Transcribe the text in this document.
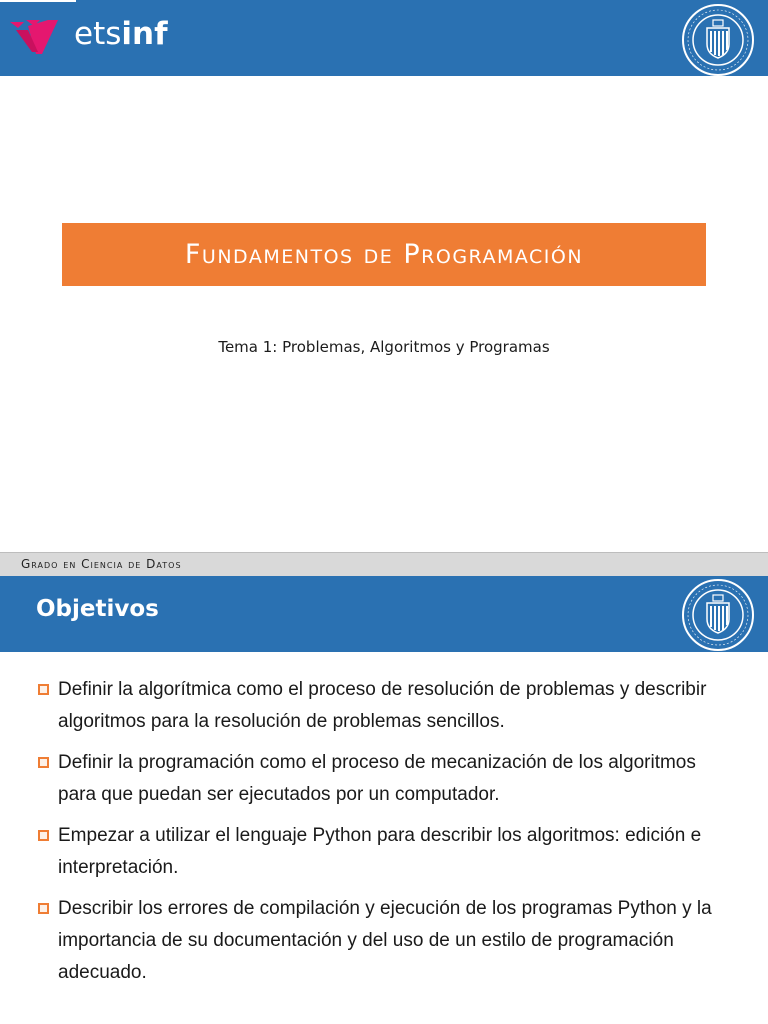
etsinf
Fundamentos de Programación
Tema 1: Problemas, Algoritmos y Programas
Grado en Ciencia de Datos
Objetivos
Definir la algorítmica como el proceso de resolución de problemas y describir algoritmos para la resolución de problemas sencillos.
Definir la programación como el proceso de mecanización de los algoritmos para que puedan ser ejecutados por un computador.
Empezar a utilizar el lenguaje Python para describir los algoritmos: edición e interpretación.
Describir los errores de compilación y ejecución de los programas Python y la importancia de su documentación y del uso de un estilo de programación adecuado.
